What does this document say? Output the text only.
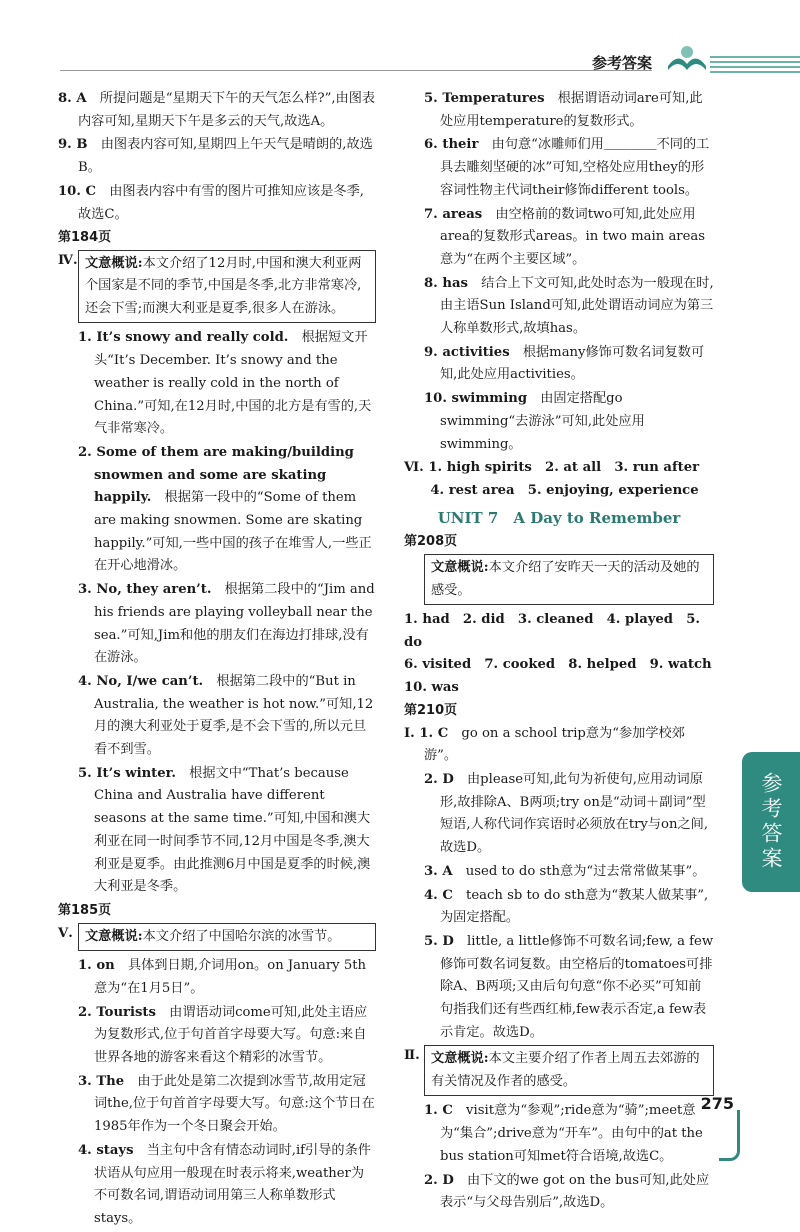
参考答案
8. A　 所提问题是“星期天下午的天气怎么样?”,由图表内容可知,星期天下午是多云的天气,故选A。
9. B　 由图表内容可知,星期四上午天气是晴朗的,故选B。
10. C　 由图表内容中有雪的图片可推知应该是冬季,故选C。
第184页
Ⅳ. 文意概说:本文介绍了12月时,中国和澳大利亚两个国家是不同的季节,中国是冬季,北方非常寒冷,还会下雪;而澳大利亚是夏季,很多人在游泳。
1. It’s snowy and really cold.　 根据短文开头“It’s December. It’s snowy and the weather is really cold in the north of China.”可知,在12月时,中国的北方是有雪的,天气非常寒冷。
2. Some of them are making/building snowmen and some are skating happily.　 根据第一段中的“Some of them are making snowmen. Some are skating happily.”可知,一些中国的孩子在堆雪人,一些正在开心地滑冰。
3. No, they aren’t.　 根据第二段中的“Jim and his friends are playing volleyball near the sea.”可知,Jim和他的朋友们在海边打排球,没有在游泳。
4. No, I/we can’t.　 根据第二段中的“But in Australia, the weather is hot now.”可知,12月的澳大利亚处于夏季,是不会下雪的,所以元旦看不到雪。
5. It’s winter.　 根据文中“That’s because China and Australia have different seasons at the same time.”可知,中国和澳大利亚在同一时间季节不同,12月中国是冬季,澳大利亚是夏季。由此推测6月中国是夏季的时候,澳大利亚是冬季。
第185页
Ⅴ. 文意概说:本文介绍了中国哈尔滨的冰雪节。
1. on　 具体到日期,介词用on。on January 5th意为“在1月5日”。
2. Tourists　 由谓语动词come可知,此处主语应为复数形式,位于句首首字母要大写。句意:来自世界各地的游客来看这个精彩的冰雪节。
3. The　 由于此处是第二次提到冰雪节,故用定冠词the,位于句首首字母要大写。句意:这个节日在1985年作为一个冬日聚会开始。
4. stays　 当主句中含有情态动词时,if引导的条件状语从句应用一般现在时表示将来,weather为不可数名词,谓语动词用第三人称单数形式stays。
5. Temperatures　 根据谓语动词are可知,此处应用temperature的复数形式。
6. their　 由句意“冰雕师们用＿＿＿＿不同的工具去雕刻坚硬的冰”可知,空格处应用they的形容词性物主代词their修饰different tools。
7. areas　 由空格前的数词two可知,此处应用area的复数形式areas。in two main areas意为“在两个主要区域”。
8. has　 结合上下文可知,此处时态为一般现在时,由主语Sun Island可知,此处谓语动词应为第三人称单数形式,故填has。
9. activities　 根据many修饰可数名词复数可知,此处应用activities。
10. swimming　 由固定搭配go swimming“去游泳”可知,此处应用swimming。
Ⅵ. 1. high spirits　2. at all　3. run after
　　4. rest area　5. enjoying, experience
UNIT 7　A Day to Remember
第208页
文意概说:本文介绍了安昨天一天的活动及她的感受。
1. had　2. did　3. cleaned　4. played　5. do
6. visited　7. cooked　8. helped　9. watch　10. was
第210页
Ⅰ. 1. C　 go on a school trip意为“参加学校郊游”。
2. D　 由please可知,此句为祈使句,应用动词原形,故排除A、B两项;try on是“动词＋副词”型短语,人称代词作宾语时必须放在try与on之间,故选D。
3. A　 used to do sth意为“过去常常做某事”。
4. C　 teach sb to do sth意为“教某人做某事”,为固定搭配。
5. D　 little, a little修饰不可数名词;few, a few修饰可数名词复数。由空格后的tomatoes可排除A、B两项;又由后句句意“你不必买”可知前句指我们还有些西红柿,few表示否定,a few表示肯定。故选D。
Ⅱ. 文意概说:本文主要介绍了作者上周五去郊游的有关情况及作者的感受。
1. C　 visit意为“参观”;ride意为“骑”;meet意为“集合”;drive意为“开车”。由句中的at the bus station可知met符合语境,故选C。
2. D　 由下文的we got on the bus可知,此处应表示“与父母告别后”,故选D。
参考答案
275
